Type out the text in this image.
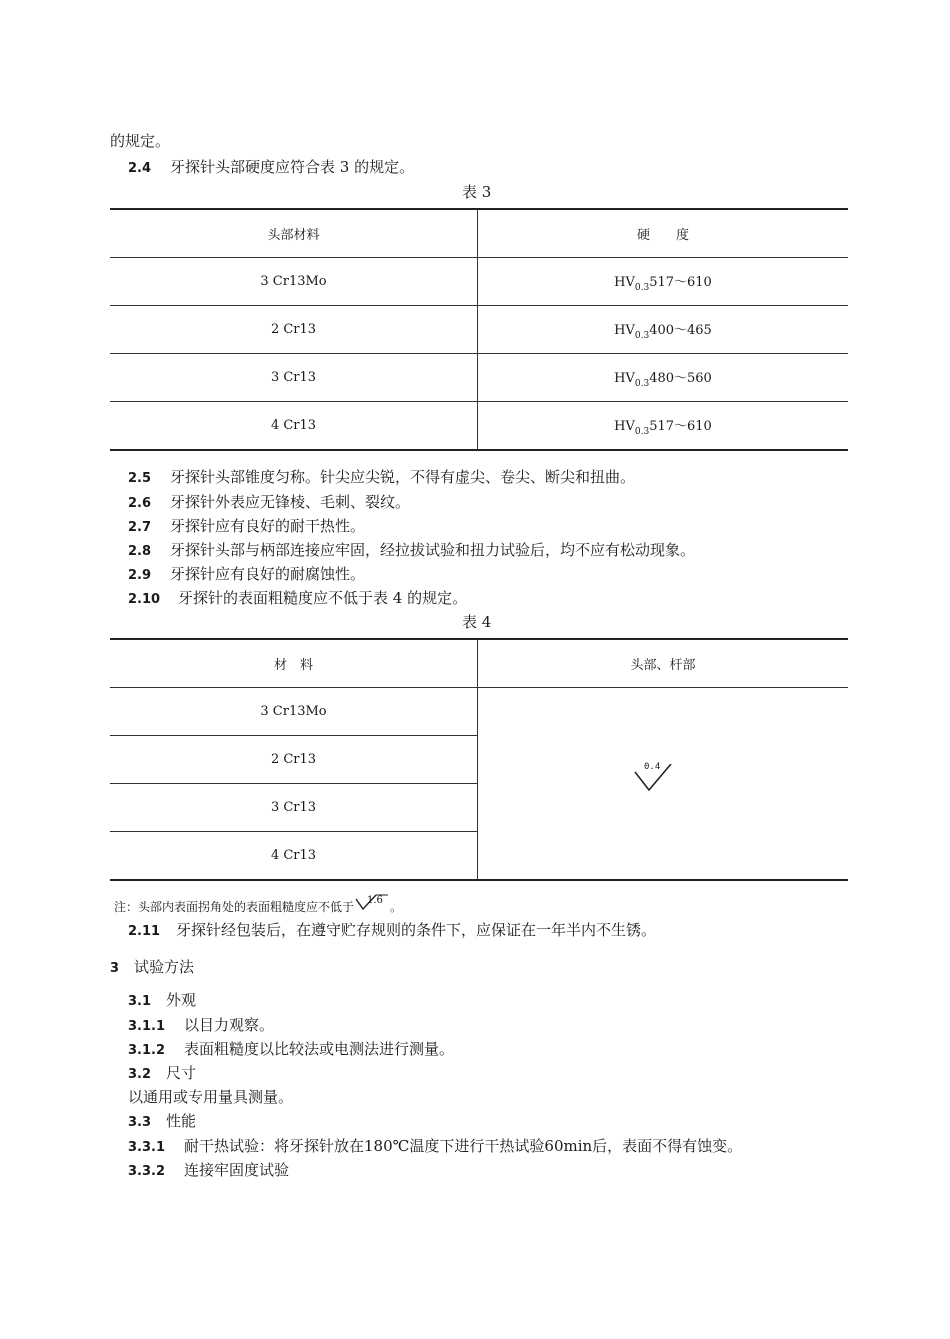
的规定。
2.4 牙探针头部硬度应符合表 3 的规定。
表 3
头部材料	硬　　度
3 Cr13Mo	$HV_{0.3}517\sim 610$
2 Cr13	$HV_{0.3}400\sim 465$
3 Cr13	$HV_{0.3}480\sim 560$
4 Cr13	$HV_{0.3}517\sim 610$
2.5 牙探针头部锥度匀称。针尖应尖锐，不得有虚尖、卷尖、断尖和扭曲。
2.6 牙探针外表应无锋棱、毛刺、裂纹。
2.7 牙探针应有良好的耐干热性。
2.8 牙探针头部与柄部连接应牢固，经拉拔试验和扭力试验后，均不应有松动现象。
2.9 牙探针应有良好的耐腐蚀性。
2.10 牙探针的表面粗糙度应不低于表 4 的规定。
表 4
材　料	头部、杆部
3 Cr13Mo	0.4

2 Cr13	
3 Cr13	
4 Cr13	
注：头部内表面拐角处的表面粗糙度应不低于 1.6 。
2.11 牙探针经包装后，在遵守贮存规则的条件下，应保证在一年半内不生锈。
3 试验方法
3.1 外观
3.1.1 以目力观察。
3.1.2 表面粗糙度以比较法或电测法进行测量。
3.2 尺寸
以通用或专用量具测量。
3.3 性能
3.3.1 耐干热试验：将牙探针放在180℃温度下进行干热试验60min后，表面不得有蚀变。
3.3.2 连接牢固度试验
